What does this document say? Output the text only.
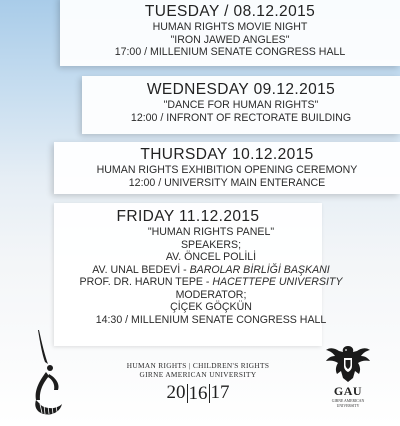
TUESDAY / 08.12.2015
HUMAN RIGHTS MOVIE NIGHT
"IRON JAWED ANGLES"
17:00 / MILLENIUM SENATE CONGRESS HALL
WEDNESDAY 09.12.2015
"DANCE FOR HUMAN RIGHTS"
12:00 / INFRONT OF RECTORATE BUILDING
THURSDAY 10.12.2015
HUMAN RIGHTS EXHIBITION OPENING CEREMONY
12:00 / UNIVERSITY MAIN ENTERANCE
FRIDAY 11.12.2015
"HUMAN RIGHTS PANEL"
SPEAKERS;
AV. ÖNCEL POLİLİ
AV. UNAL BEDEVİ - BAROLAR BİRLİĞİ BAŞKANI
PROF. DR. HARUN TEPE - HACETTEPE UNIVERSITY
MODERATOR;
ÇİÇEK GÖÇKÜN
14:30 / MILLENIUM SENATE CONGRESS HALL
HUMAN RIGHTS | CHILDREN'S RIGHTS
GIRNE AMERICAN UNIVERSITY
20 16 17	GAU
GIRNE AMERICAN UNIVERSITY
